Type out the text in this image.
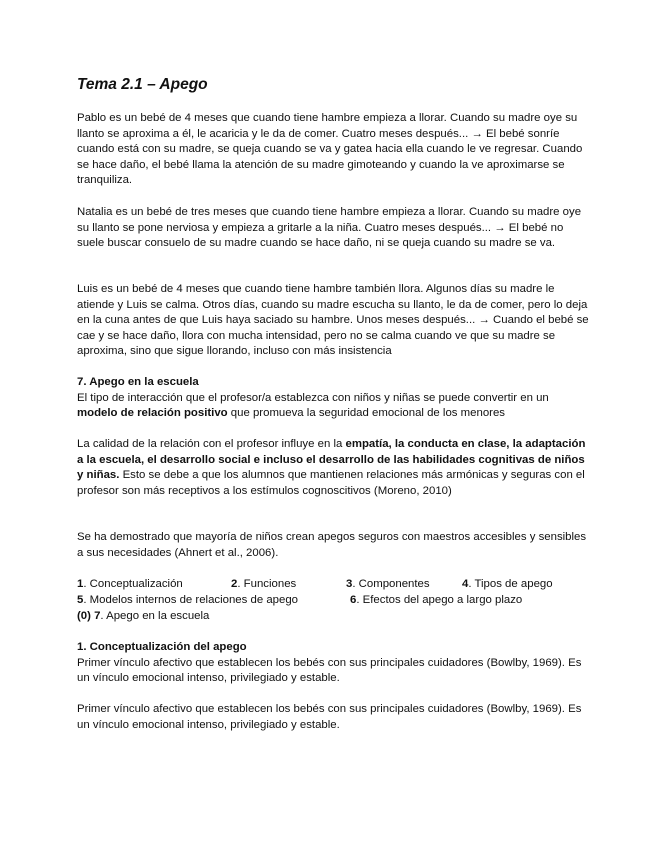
Tema 2.1 – Apego

Pablo es un bebé de 4 meses que cuando tiene hambre empieza a llorar. Cuando su madre oye su llanto se aproxima a él, le acaricia y le da de comer. Cuatro meses después... → El bebé sonríe cuando está con su madre, se queja cuando se va y gatea hacia ella cuando le ve regresar. Cuando se hace daño, el bebé llama la atención de su madre gimoteando y cuando la ve aproximarse se tranquiliza.

Natalia es un bebé de tres meses que cuando tiene hambre empieza a llorar. Cuando su madre oye su llanto se pone nerviosa y empieza a gritarle a la niña. Cuatro meses después... → El bebé no suele buscar consuelo de su madre cuando se hace daño, ni se queja cuando su madre se va.

Luis es un bebé de 4 meses que cuando tiene hambre también llora. Algunos días su madre le atiende y Luis se calma. Otros días, cuando su madre escucha su llanto, le da de comer, pero lo deja en la cuna antes de que Luis haya saciado su hambre. Unos meses después... → Cuando el bebé se cae y se hace daño, llora con mucha intensidad, pero no se calma cuando ve que su madre se aproxima, sino que sigue llorando, incluso con más insistencia

7. Apego en la escuela
El tipo de interacción que el profesor/a establezca con niños y niñas se puede convertir en un modelo de relación positivo que promueva la seguridad emocional de los menores

La calidad de la relación con el profesor influye en la empatía, la conducta en clase, la adaptación a la escuela, el desarrollo social e incluso el desarrollo de las habilidades cognitivas de niños y niñas. Esto se debe a que los alumnos que mantienen relaciones más armónicas y seguras con el profesor son más receptivos a los estímulos cognoscitivos (Moreno, 2010)

Se ha demostrado que mayoría de niños crean apegos seguros con maestros accesibles y sensibles a sus necesidades (Ahnert et al., 2006).

1. Conceptualización	2. Funciones	3. Componentes	4. Tipos de apego
5. Modelos internos de relaciones de apego	6. Efectos del apego a largo plazo
(0) 7. Apego en la escuela
1. Conceptualización del apego
Primer vínculo afectivo que establecen los bebés con sus principales cuidadores (Bowlby, 1969). Es un vínculo emocional intenso, privilegiado y estable.

Primer vínculo afectivo que establecen los bebés con sus principales cuidadores (Bowlby, 1969). Es un vínculo emocional intenso, privilegiado y estable.
